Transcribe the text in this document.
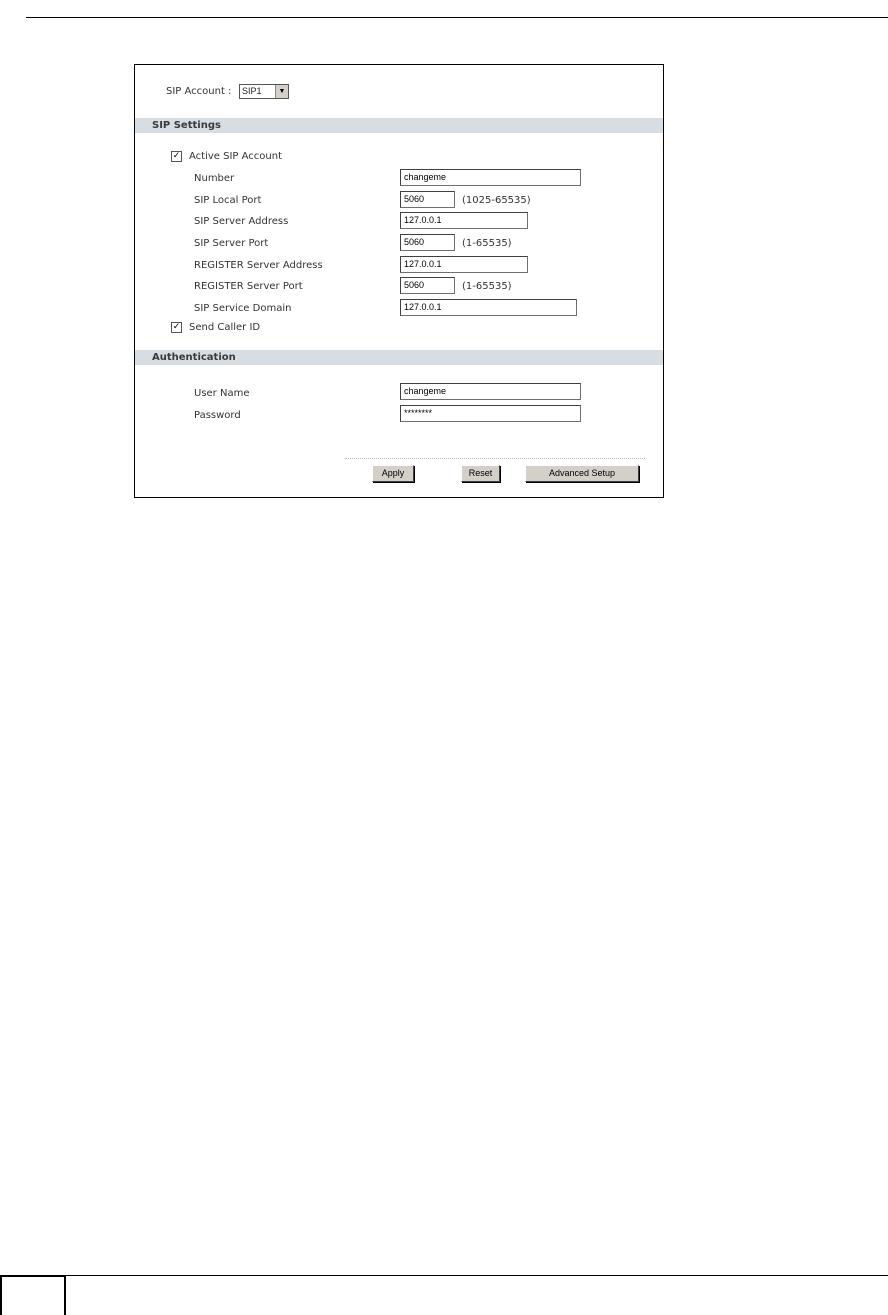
SIP Account :	SIP1	▼
SIP Settings
✓ Active SIP Account
Number	changeme
SIP Local Port	5060	(1025-65535)
SIP Server Address	127.0.0.1
SIP Server Port	5060	(1-65535)
REGISTER Server Address	127.0.0.1
REGISTER Server Port	5060	(1-65535)
SIP Service Domain	127.0.0.1
✓ Send Caller ID
Authentication
User Name	changeme
Password	********
Apply	Reset	Advanced Setup
